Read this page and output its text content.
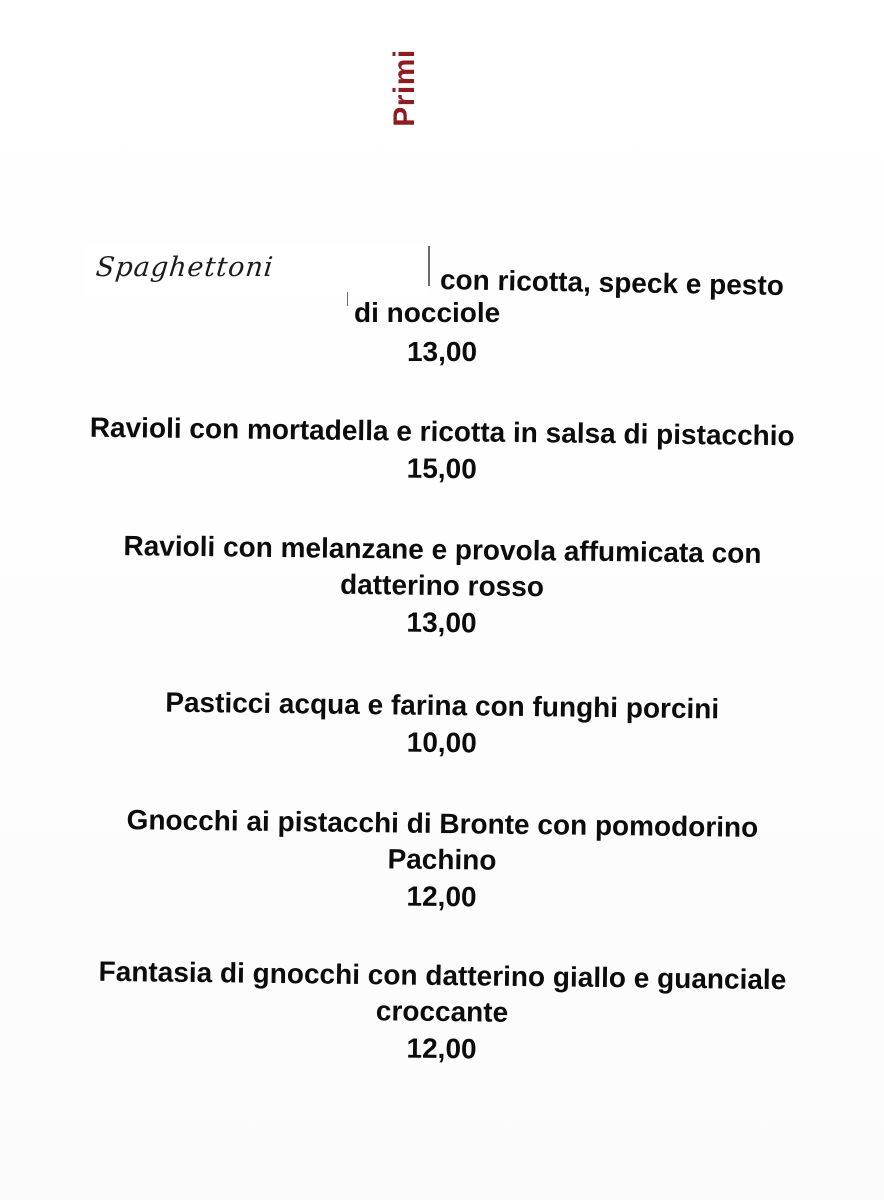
Primi
Spaghettoni	con ricotta, speck e pesto
di nocciole
13,00
Ravioli con mortadella e ricotta in salsa di pistacchio
15,00
Ravioli con melanzane e provola affumicata con
datterino rosso
13,00
Pasticci acqua e farina con funghi porcini
10,00
Gnocchi ai pistacchi di Bronte con pomodorino
Pachino
12,00
Fantasia di gnocchi con datterino giallo e guanciale
croccante
12,00
